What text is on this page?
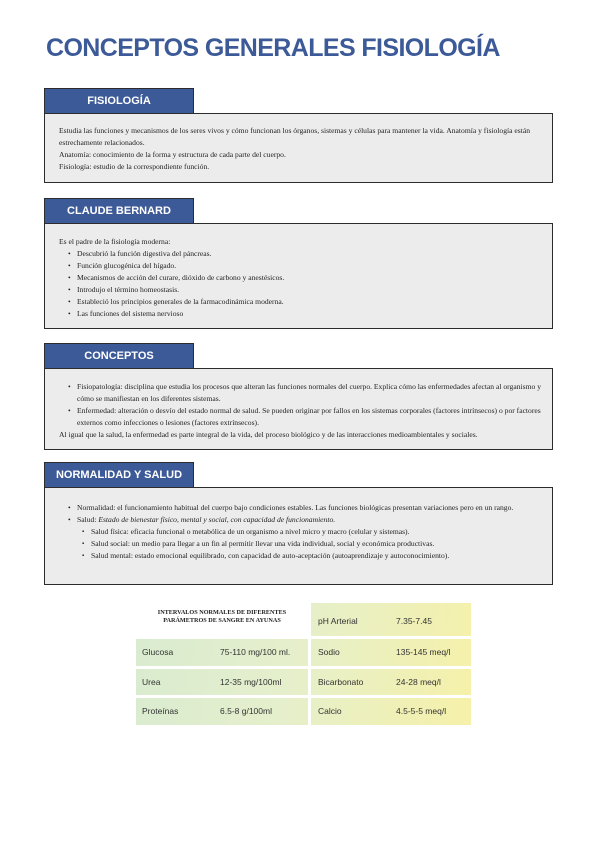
CONCEPTOS GENERALES FISIOLOGÍA
FISIOLOGÍA

Estudia las funciones y mecanismos de los seres vivos y cómo funcionan los órganos, sistemas y células para mantener la vida. Anatomía y fisiología están estrechamente relacionados.

Anatomía: conocimiento de la forma y estructura de cada parte del cuerpo.

Fisiología: estudio de la correspondiente función.

CLAUDE BERNARD

Es el padre de la fisiología moderna:

• Descubrió la función digestiva del páncreas.
• Función glucogénica del hígado.
• Mecanismos de acción del curare, dióxido de carbono y anestésicos.
• Introdujo el término homeostasis.
• Estableció los principios generales de la farmacodinámica moderna.
• Las funciones del sistema nervioso
CONCEPTOS
• Fisiopatología: disciplina que estudia los procesos que alteran las funciones normales del cuerpo. Explica cómo las enfermedades afectan al organismo y cómo se manifiestan en los diferentes sistemas.
• Enfermedad: alteración o desvío del estado normal de salud. Se pueden originar por fallos en los sistemas corporales (factores intrínsecos) o por factores externos como infecciones o lesiones (factores extrínsecos).

Al igual que la salud, la enfermedad es parte integral de la vida, del proceso biológico y de las interacciones medioambientales y sociales.

NORMALIDAD Y SALUD
• Normalidad: el funcionamiento habitual del cuerpo bajo condiciones estables. Las funciones biológicas presentan variaciones pero en un rango.
• Salud: Estado de bienestar físico, mental y social, con capacidad de funcionamiento.
▪ Salud física: eficacia funcional o metabólica de un organismo a nivel micro y macro (celular y sistemas).
▪ Salud social: un medio para llegar a un fin al permitir llevar una vida individual, social y económica productivas.
▪ Salud mental: estado emocional equilibrado, con capacidad de auto-aceptación (autoaprendizaje y autoconocimiento).
INTERVALOS NORMALES DE DIFERENTES
PARÁMETROS DE SANGRE EN AYUNAS
Glucosa	75-110 mg/100 ml.
Urea	12-35 mg/100ml
Proteínas	6.5-8 g/100ml
pH Arterial	7.35-7.45
Sodio	135-145 meq/l
Bicarbonato	24-28 meq/l
Calcio	4.5-5-5 meq/l
